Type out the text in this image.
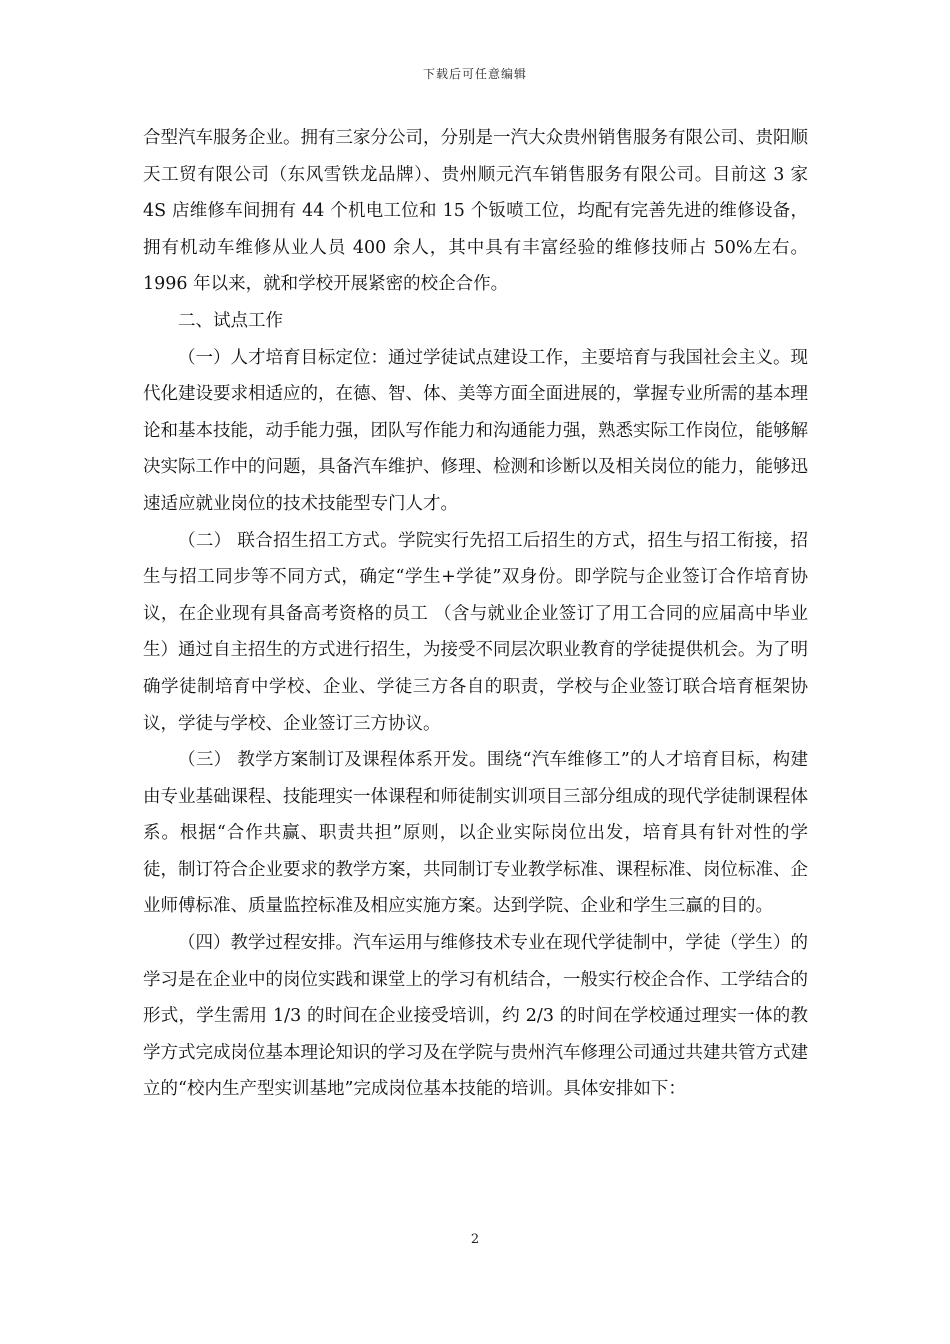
下载后可任意编辑

合型汽车服务企业。拥有三家分公司，分别是一汽大众贵州销售服务有限公司、贵阳顺天工贸有限公司（东风雪铁龙品牌）、贵州顺元汽车销售服务有限公司。目前这 3 家 4S 店维修车间拥有 44 个机电工位和 15 个钣喷工位，均配有完善先进的维修设备，拥有机动车维修从业人员 400 余人，其中具有丰富经验的维修技师占 50%左右。1996 年以来，就和学校开展紧密的校企合作。

二、试点工作

（一）人才培育目标定位：通过学徒试点建设工作，主要培育与我国社会主义。现代化建设要求相适应的，在德、智、体、美等方面全面进展的，掌握专业所需的基本理论和基本技能，动手能力强，团队写作能力和沟通能力强，熟悉实际工作岗位，能够解决实际工作中的问题，具备汽车维护、修理、检测和诊断以及相关岗位的能力，能够迅速适应就业岗位的技术技能型专门人才。

（二） 联合招生招工方式。学院实行先招工后招生的方式，招生与招工衔接，招生与招工同步等不同方式，确定“学生+学徒”双身份。即学院与企业签订合作培育协议，在企业现有具备高考资格的员工 （含与就业企业签订了用工合同的应届高中毕业生）通过自主招生的方式进行招生，为接受不同层次职业教育的学徒提供机会。为了明确学徒制培育中学校、企业、学徒三方各自的职责，学校与企业签订联合培育框架协议，学徒与学校、企业签订三方协议。

（三） 教学方案制订及课程体系开发。围绕“汽车维修工”的人才培育目标，构建由专业基础课程、技能理实一体课程和师徒制实训项目三部分组成的现代学徒制课程体系。根据“合作共赢、职责共担”原则，以企业实际岗位出发，培育具有针对性的学徒，制订符合企业要求的教学方案，共同制订专业教学标准、课程标准、岗位标准、企业师傅标准、质量监控标准及相应实施方案。达到学院、企业和学生三赢的目的。

（四）教学过程安排。汽车运用与维修技术专业在现代学徒制中，学徒（学生）的学习是在企业中的岗位实践和课堂上的学习有机结合，一般实行校企合作、工学结合的形式，学生需用 1/3 的时间在企业接受培训，约 2/3 的时间在学校通过理实一体的教学方式完成岗位基本理论知识的学习及在学院与贵州汽车修理公司通过共建共管方式建立的“校内生产型实训基地”完成岗位基本技能的培训。具体安排如下：

2
